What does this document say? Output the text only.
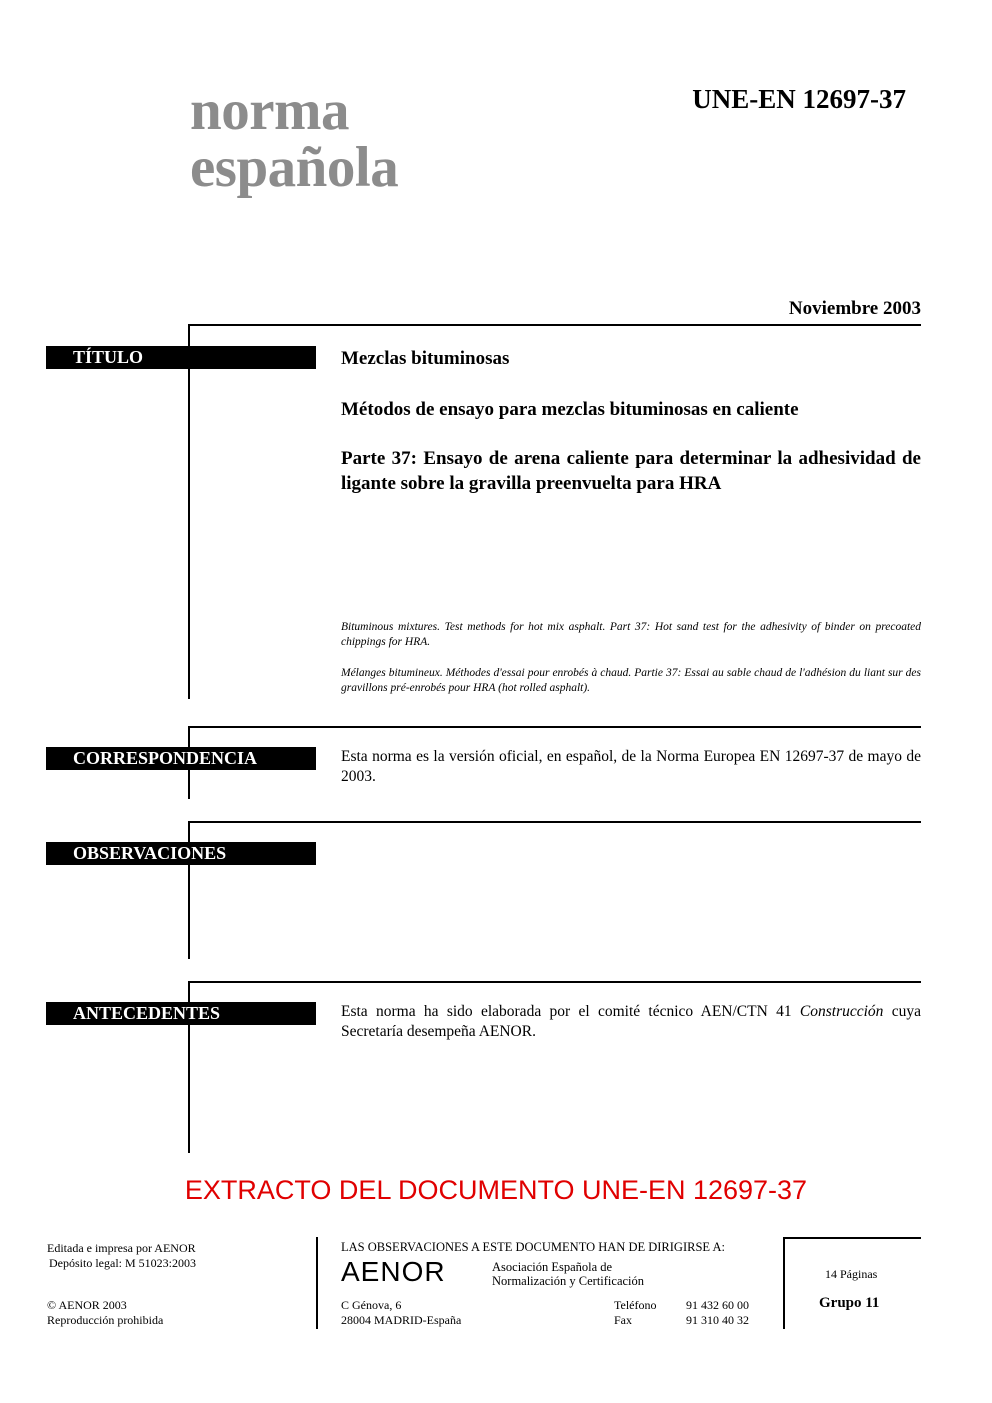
norma
española
UNE-EN 12697-37
Noviembre 2003
TÍTULO	Mezclas bituminosas
Métodos de ensayo para mezclas bituminosas en caliente
Parte 37: Ensayo de arena caliente para determinar la adhesividad de ligante sobre la gravilla preenvuelta para HRA
Bituminous mixtures. Test methods for hot mix asphalt. Part 37: Hot sand test for the adhesivity of binder on precoated chippings for HRA.
Mélanges bitumineux. Méthodes d'essai pour enrobés à chaud. Partie 37: Essai au sable chaud de l'adhésion du liant sur des gravillons pré-enrobés pour HRA (hot rolled asphalt).
CORRESPONDENCIA	Esta norma es la versión oficial, en español, de la Norma Europea EN 12697-37 de mayo de 2003.
OBSERVACIONES
ANTECEDENTES	Esta norma ha sido elaborada por el comité técnico AEN/CTN 41 Construcción cuya Secretaría desempeña AENOR.
EXTRACTO DEL DOCUMENTO UNE-EN 12697-37
Editada e impresa por AENOR
Depósito legal: M 51023:2003
© AENOR 2003
Reproducción prohibida
LAS OBSERVACIONES A ESTE DOCUMENTO HAN DE DIRIGIRSE A:
AENOR	Asociación Española de
Normalización y Certificación
C Génova, 6
28004 MADRID-España
Teléfono 91 432 60 00
Fax	91 310 40 32
14 Páginas
Grupo 11
